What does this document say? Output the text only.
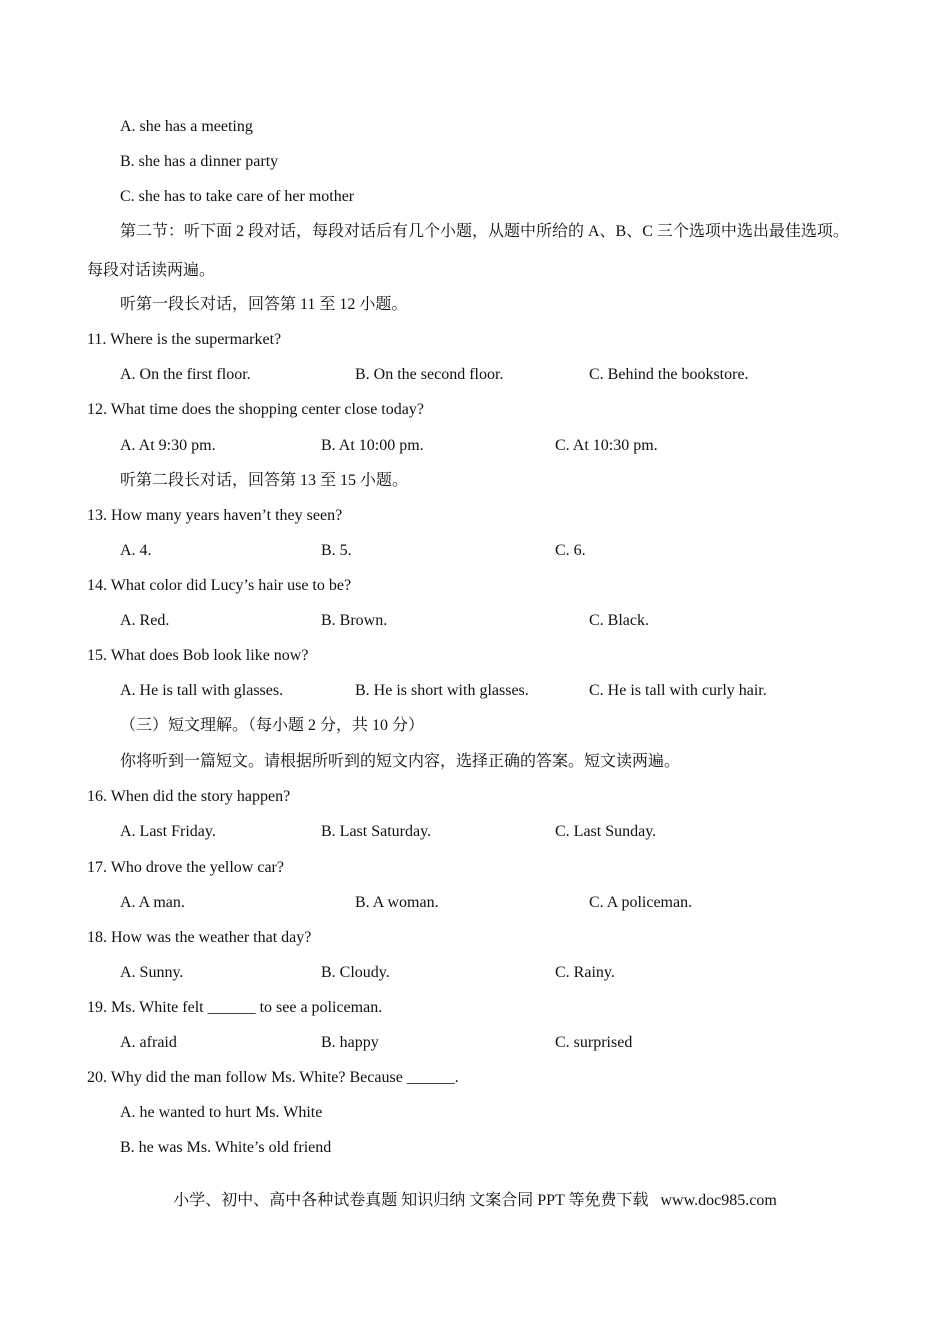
A. she has a meeting
B. she has a dinner party
C. she has to take care of her mother
第二节：听下面 2 段对话，每段对话后有几个小题，从题中所给的 A、B、C 三个选项中选出最佳选项。
每段对话读两遍。
听第一段长对话，回答第 11 至 12 小题。
11. Where is the supermarket?
A. On the first floor.	B. On the second floor.	C. Behind the bookstore.
12. What time does the shopping center close today?
A. At 9:30 pm.	B. At 10:00 pm.	C. At 10:30 pm.
听第二段长对话，回答第 13 至 15 小题。
13. How many years haven’t they seen?
A. 4.	B. 5.	C. 6.
14. What color did Lucy’s hair use to be?
A. Red.	B. Brown.	C. Black.
15. What does Bob look like now?
A. He is tall with glasses.	B. He is short with glasses.	C. He is tall with curly hair.
（三）短文理解。（每小题 2 分，共 10 分）
你将听到一篇短文。请根据所听到的短文内容，选择正确的答案。短文读两遍。
16. When did the story happen?
A. Last Friday.	B. Last Saturday.	C. Last Sunday.
17. Who drove the yellow car?
A. A man.	B. A woman.	C. A policeman.
18. How was the weather that day?
A. Sunny.	B. Cloudy.	C. Rainy.
19. Ms. White felt ______ to see a policeman.
A. afraid	B. happy	C. surprised
20. Why did the man follow Ms. White? Because ______.
A. he wanted to hurt Ms. White
B. he was Ms. White’s old friend
小学、初中、高中各种试卷真题 知识归纳 文案合同 PPT 等免费下载 www.doc985.com
